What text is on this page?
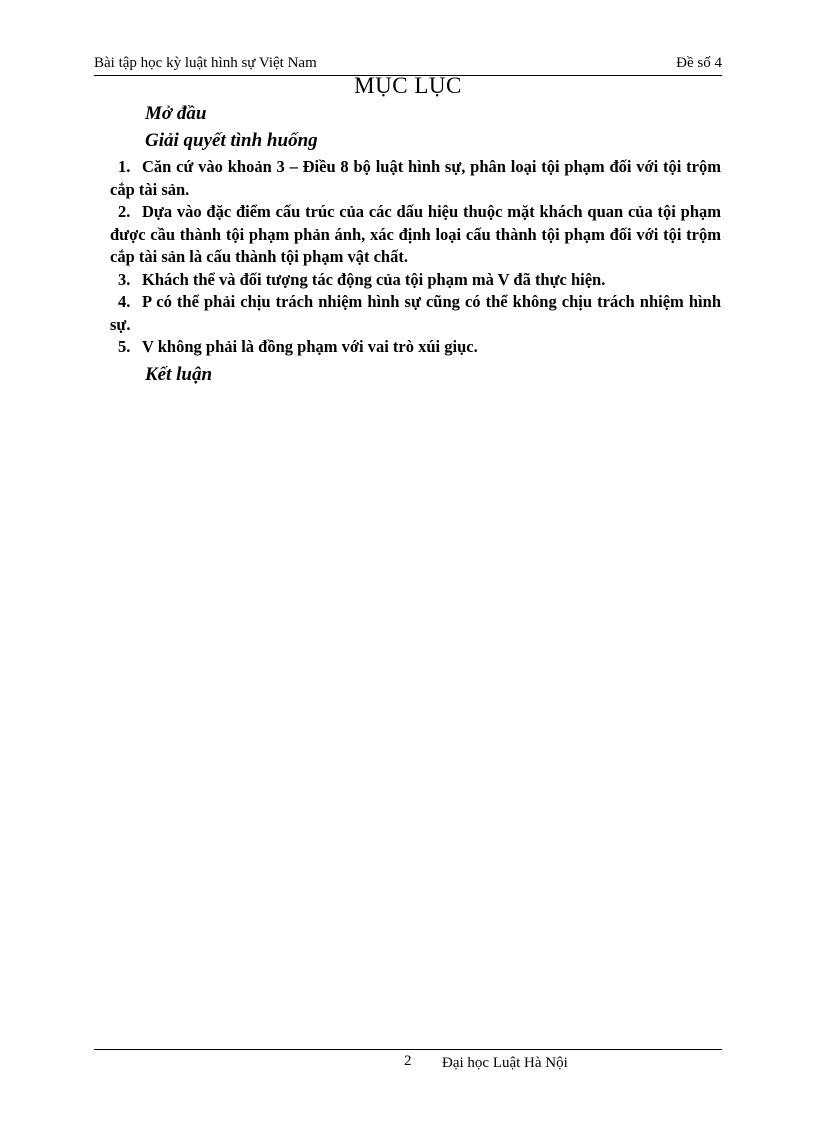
Bài tập học kỳ luật hình sự Việt Nam	Đề số 4
MỤC LỤC
Mở đầu
Giải quyết tình huống
1. Căn cứ vào khoản 3 – Điều 8 bộ luật hình sự, phân loại tội phạm đối với tội trộm cắp tài sản.
2. Dựa vào đặc điểm cấu trúc của các dấu hiệu thuộc mặt khách quan của tội phạm được cầu thành tội phạm phản ánh, xác định loại cấu thành tội phạm đối với tội trộm cắp tài sản là cấu thành tội phạm vật chất.
3. Khách thể và đối tượng tác động của tội phạm mà V đã thực hiện.
4. P có thể phải chịu trách nhiệm hình sự cũng có thể không chịu trách nhiệm hình sự.
5. V không phải là đồng phạm với vai trò xúi giục.
Kết luận
2 Đại học Luật Hà Nội
